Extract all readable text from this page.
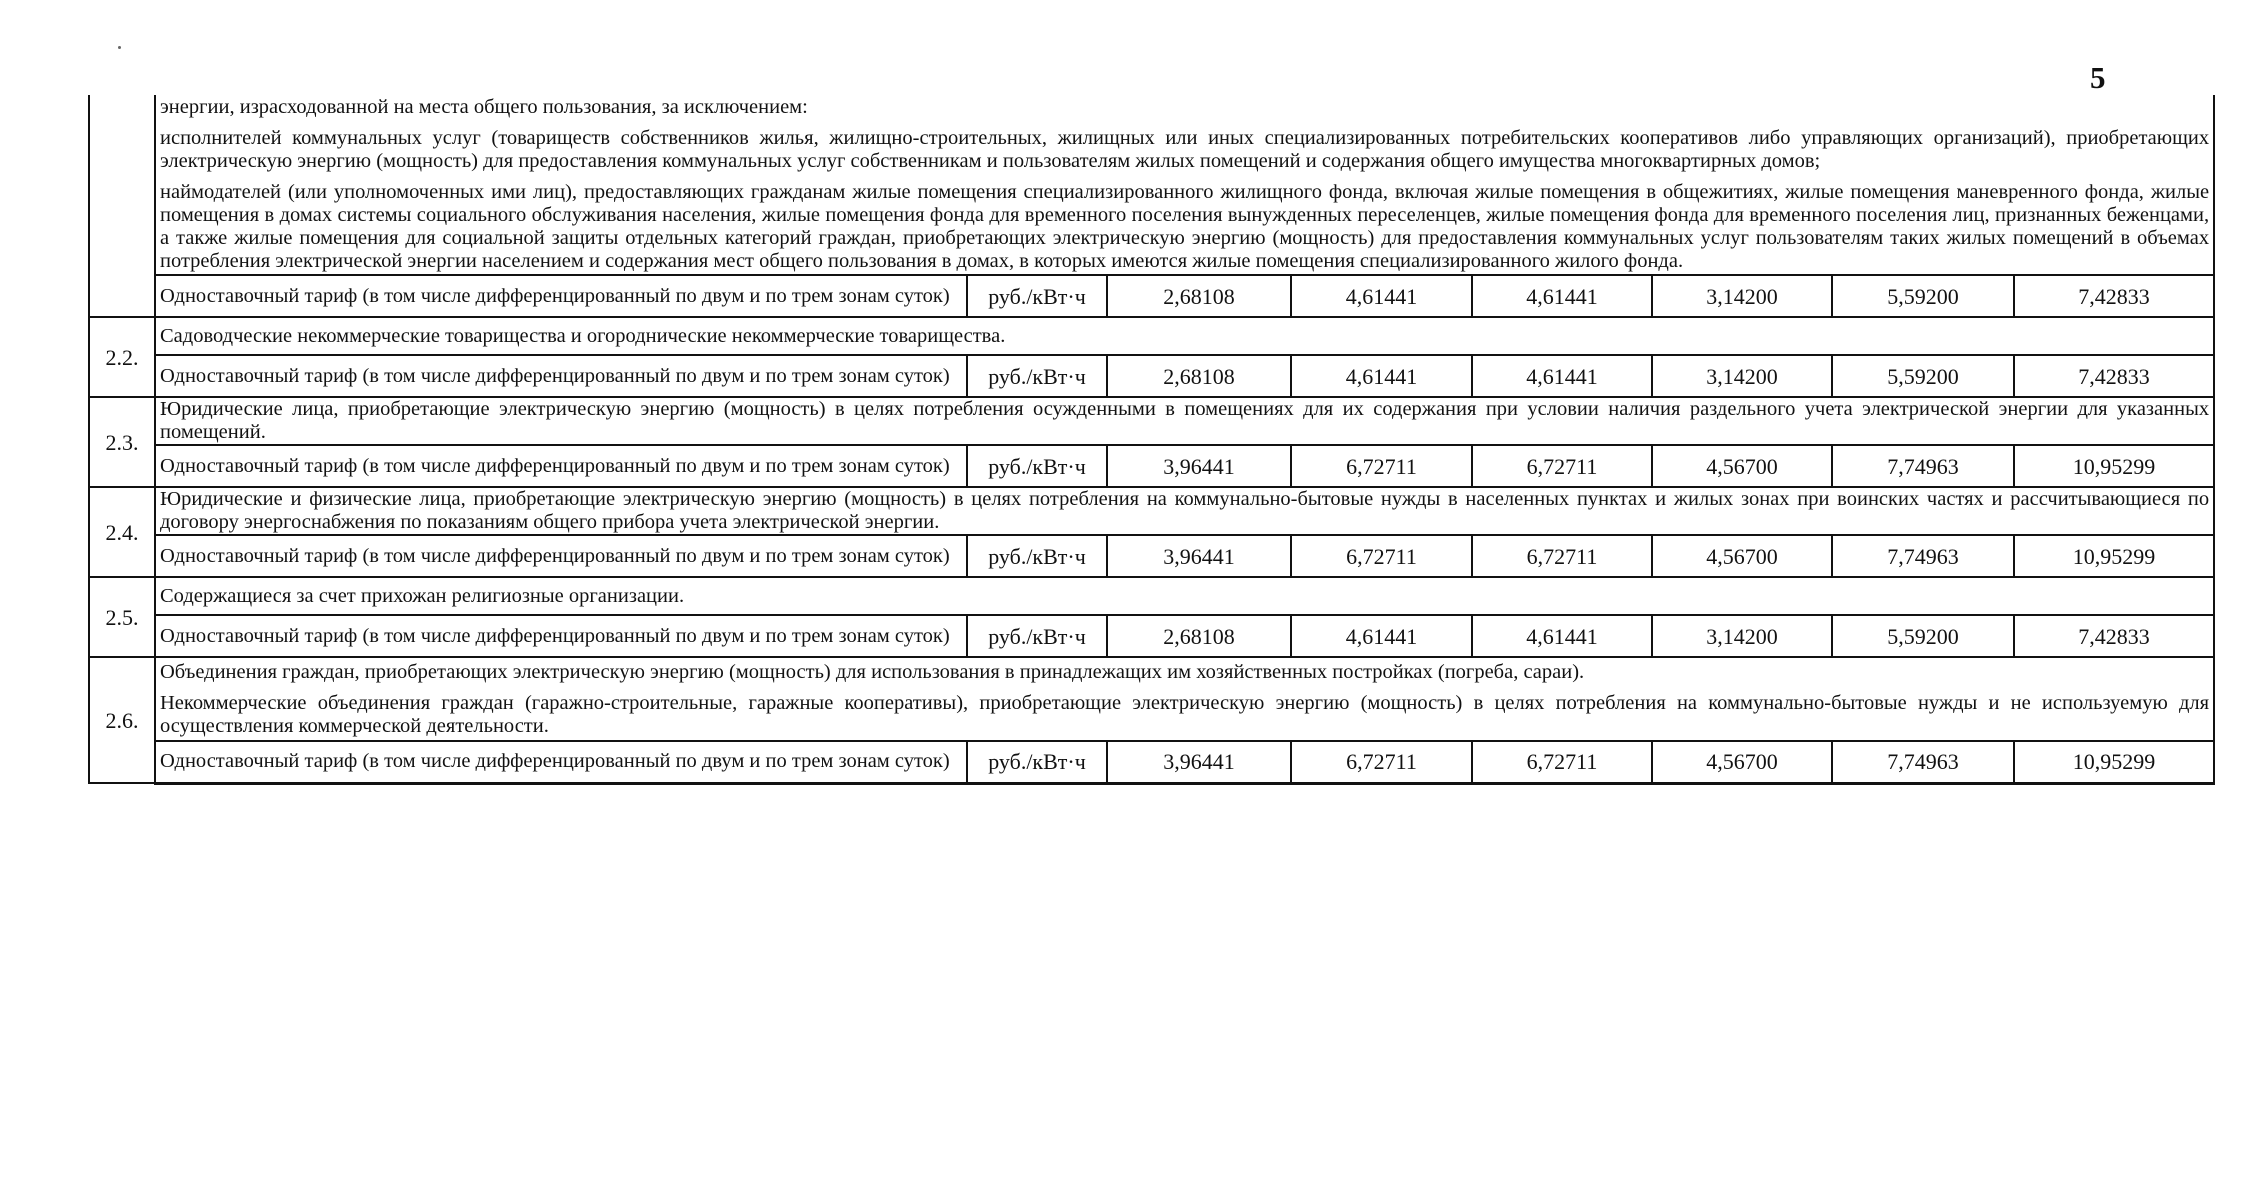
5

	энергии, израсходованной на места общего пользования, за исключением:

исполнителей коммунальных услуг (товариществ собственников жилья, жилищно-строительных, жилищных или иных специализированных потребительских кооперативов либо управляющих организаций), приобретающих электрическую энергию (мощность) для предоставления коммунальных услуг собственникам и пользователям жилых помещений и содержания общего имущества многоквартирных домов;

наймодателей (или уполномоченных ими лиц), предоставляющих гражданам жилые помещения специализированного жилищного фонда, включая жилые помещения в общежитиях, жилые помещения маневренного фонда, жилые помещения в домах системы социального обслуживания населения, жилые помещения фонда для временного поселения вынужденных переселенцев, жилые помещения фонда для временного поселения лиц, признанных беженцами, а также жилые помещения для социальной защиты отдельных категорий граждан, приобретающих электрическую энергию (мощность) для предоставления коммунальных услуг пользователям таких жилых помещений в объемах потребления электрической энергии населением и содержания мест общего пользования в домах, в которых имеются жилые помещения специализированного жилого фонда.							

	Одноставочный тариф (в том числе дифференцированный по двум и по трем зонам суток)	руб./кВт·ч	2,68108	4,61441	4,61441	3,14200	5,59200	7,42833
2.2.	Садоводческие некоммерческие товарищества и огороднические некоммерческие товарищества.							

	Одноставочный тариф (в том числе дифференцированный по двум и по трем зонам суток)	руб./кВт·ч	2,68108	4,61441	4,61441	3,14200	5,59200	7,42833
2.3.	Юридические лица, приобретающие электрическую энергию (мощность) в целях потребления осужденными в помещениях для их содержания при условии наличия раздельного учета электрической энергии для указанных помещений.							

	Одноставочный тариф (в том числе дифференцированный по двум и по трем зонам суток)	руб./кВт·ч	3,96441	6,72711	6,72711	4,56700	7,74963	10,95299
2.4.	Юридические и физические лица, приобретающие электрическую энергию (мощность) в целях потребления на коммунально-бытовые нужды в населенных пунктах и жилых зонах при воинских частях и рассчитывающиеся по договору энергоснабжения по показаниям общего прибора учета электрической энергии.							

	Одноставочный тариф (в том числе дифференцированный по двум и по трем зонам суток)	руб./кВт·ч	3,96441	6,72711	6,72711	4,56700	7,74963	10,95299
2.5.	Содержащиеся за счет прихожан религиозные организации.							

	Одноставочный тариф (в том числе дифференцированный по двум и по трем зонам суток)	руб./кВт·ч	2,68108	4,61441	4,61441	3,14200	5,59200	7,42833
2.6.	Объединения граждан, приобретающих электрическую энергию (мощность) для использования в принадлежащих им хозяйственных постройках (погреба, сараи).

Некоммерческие объединения граждан (гаражно-строительные, гаражные кооперативы), приобретающие электрическую энергию (мощность) в целях потребления на коммунально-бытовые нужды и не используемую для осуществления коммерческой деятельности.							

	Одноставочный тариф (в том числе дифференцированный по двум и по трем зонам суток)	руб./кВт·ч	3,96441	6,72711	6,72711	4,56700	7,74963	10,95299
